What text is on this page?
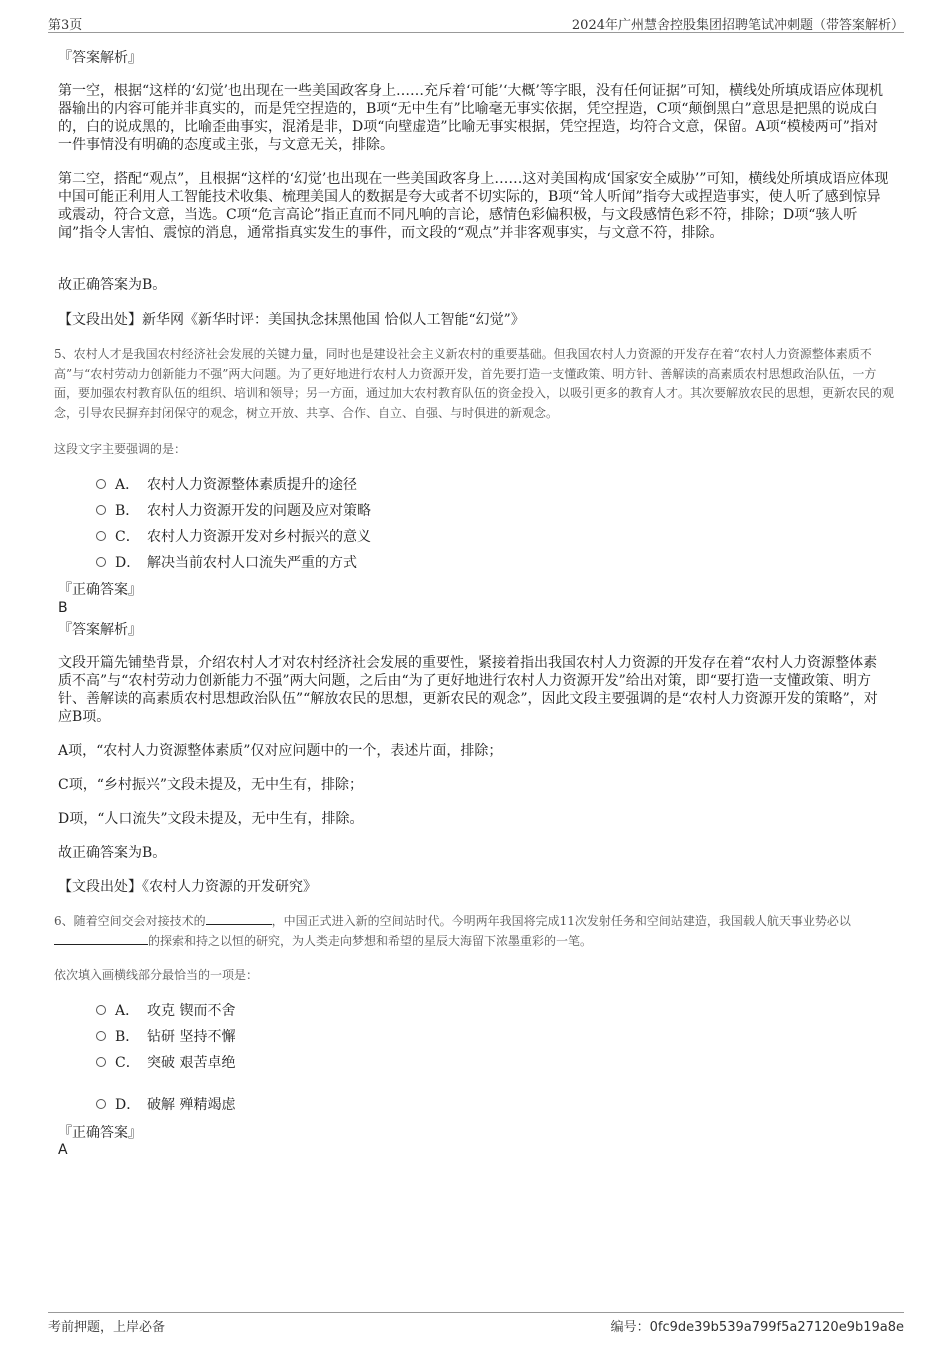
第3页	2024年广州慧舍控股集团招聘笔试冲刺题（带答案解析）

『答案解析』

第一空，根据“这样的‘幻觉’也出现在一些美国政客身上……充斥着‘可能’‘大概’等字眼，没有任何证据”可知，横线处所填成语应体现机器输出的内容可能并非真实的，而是凭空捏造的，B项“无中生有”比喻毫无事实依据，凭空捏造，C项“颠倒黑白”意思是把黑的说成白的，白的说成黑的，比喻歪曲事实，混淆是非，D项“向壁虚造”比喻无事实根据，凭空捏造，均符合文意，保留。A项“模棱两可”指对一件事情没有明确的态度或主张，与文意无关，排除。

第二空，搭配“观点”，且根据“这样的‘幻觉’也出现在一些美国政客身上……这对美国构成‘国家安全威胁’”可知，横线处所填成语应体现中国可能正利用人工智能技术收集、梳理美国人的数据是夸大或者不切实际的，B项“耸人听闻”指夸大或捏造事实，使人听了感到惊异或震动，符合文意，当选。C项“危言高论”指正直而不同凡响的言论，感情色彩偏积极，与文段感情色彩不符，排除；D项“骇人听闻”指令人害怕、震惊的消息，通常指真实发生的事件，而文段的“观点”并非客观事实，与文意不符，排除。

故正确答案为B。

【文段出处】新华网《新华时评：美国执念抹黑他国 恰似人工智能“幻觉”》

5、农村人才是我国农村经济社会发展的关键力量，同时也是建设社会主义新农村的重要基础。但我国农村人力资源的开发存在着“农村人力资源整体素质不高”与“农村劳动力创新能力不强”两大问题。为了更好地进行农村人力资源开发，首先要打造一支懂政策、明方针、善解读的高素质农村思想政治队伍，一方面，要加强农村教育队伍的组织、培训和领导；另一方面，通过加大农村教育队伍的资金投入，以吸引更多的教育人才。其次要解放农民的思想，更新农民的观念，引导农民摒弃封闭保守的观念，树立开放、共享、合作、自立、自强、与时俱进的新观念。

这段文字主要强调的是：

A． 农村人力资源整体素质提升的途径
B． 农村人力资源开发的问题及应对策略
C． 农村人力资源开发对乡村振兴的意义
D． 解决当前农村人口流失严重的方式

『正确答案』

B

『答案解析』

文段开篇先铺垫背景，介绍农村人才对农村经济社会发展的重要性，紧接着指出我国农村人力资源的开发存在着“农村人力资源整体素质不高”与“农村劳动力创新能力不强”两大问题，之后由“为了更好地进行农村人力资源开发”给出对策，即“要打造一支懂政策、明方针、善解读的高素质农村思想政治队伍”“解放农民的思想，更新农民的观念”，因此文段主要强调的是“农村人力资源开发的策略”，对应B项。

A项，“农村人力资源整体素质”仅对应问题中的一个，表述片面，排除；

C项，“乡村振兴”文段未提及，无中生有，排除；

D项，“人口流失”文段未提及，无中生有，排除。

故正确答案为B。

【文段出处】《农村人力资源的开发研究》

6、随着空间交会对接技术的	，中国正式进入新的空间站时代。今明两年我国将完成11次发射任务和空间站建造，我国载人航天事业势必以的探索和持之以恒的研究，为人类走向梦想和希望的星辰大海留下浓墨重彩的一笔。

依次填入画横线部分最恰当的一项是：

A． 攻克 锲而不舍
B． 钻研 坚持不懈
C． 突破 艰苦卓绝
D． 破解 殚精竭虑

『正确答案』

A
考前押题，上岸必备	编号：0fc9de39b539a799f5a27120e9b19a8e
